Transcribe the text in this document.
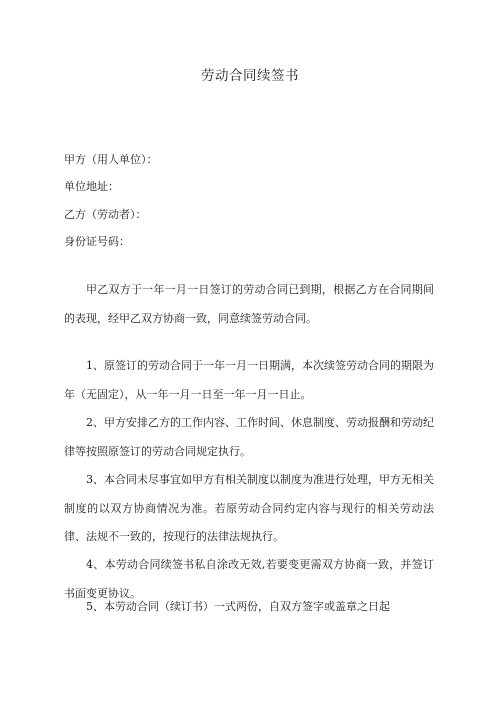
劳动合同续签书
甲方（用人单位）：
单位地址：
乙方（劳动者）：
身份证号码：

甲乙双方于一年一月一日签订的劳动合同已到期，根据乙方在合同期间的表现，经甲乙双方协商一致，同意续签劳动合同。

1、原签订的劳动合同于一年一月一日期满，本次续签劳动合同的期限为年（无固定），从一年一月一日至一年一月一日止。

2、甲方安排乙方的工作内容、工作时间、休息制度、劳动报酬和劳动纪律等按照原签订的劳动合同规定执行。

3、本合同未尽事宜如甲方有相关制度以制度为准进行处理，甲方无相关制度的以双方协商情况为准。若原劳动合同约定内容与现行的相关劳动法律、法规不一致的，按现行的法律法规执行。

4、本劳动合同续签书私自涂改无效,若要变更需双方协商一致，并签订书面变更协议。

5、本劳动合同（续订书）一式两份，自双方签字或盖章之日起
